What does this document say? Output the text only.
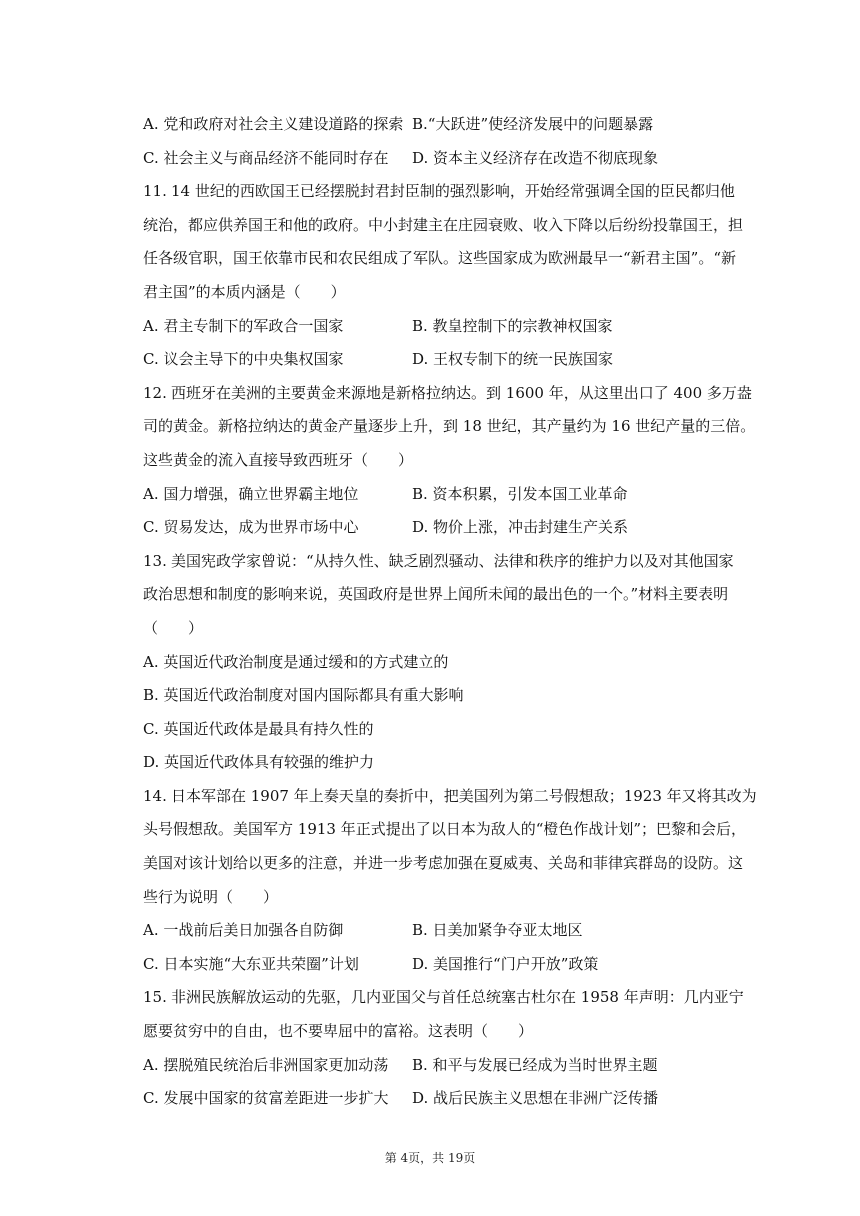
A. 党和政府对社会主义建设道路的探索 B.“大跃进”使经济发展中的问题暴露
C. 社会主义与商品经济不能同时存在	D. 资本主义经济存在改造不彻底现象
11. 14 世纪的西欧国王已经摆脱封君封臣制的强烈影响，开始经常强调全国的臣民都归他
统治，都应供养国王和他的政府。中小封建主在庄园衰败、收入下降以后纷纷投靠国王，担
任各级官职，国王依靠市民和农民组成了军队。这些国家成为欧洲最早一“新君主国”。“新
君主国”的本质内涵是（　　）
A. 君主专制下的军政合一国家	B. 教皇控制下的宗教神权国家
C. 议会主导下的中央集权国家	D. 王权专制下的统一民族国家
12. 西班牙在美洲的主要黄金来源地是新格拉纳达。到 1600 年，从这里出口了 400 多万盎
司的黄金。新格拉纳达的黄金产量逐步上升，到 18 世纪，其产量约为 16 世纪产量的三倍。
这些黄金的流入直接导致西班牙（　　）
A. 国力增强，确立世界霸主地位	B. 资本积累，引发本国工业革命
C. 贸易发达，成为世界市场中心	D. 物价上涨，冲击封建生产关系
13. 美国宪政学家曾说：“从持久性、缺乏剧烈骚动、法律和秩序的维护力以及对其他国家
政治思想和制度的影响来说，英国政府是世界上闻所未闻的最出色的一个。”材料主要表明
（　　）
A. 英国近代政治制度是通过缓和的方式建立的
B. 英国近代政治制度对国内国际都具有重大影响
C. 英国近代政体是最具有持久性的
D. 英国近代政体具有较强的维护力
14. 日本军部在 1907 年上奏天皇的奏折中，把美国列为第二号假想敌；1923 年又将其改为
头号假想敌。美国军方 1913 年正式提出了以日本为敌人的“橙色作战计划”；巴黎和会后，
美国对该计划给以更多的注意，并进一步考虑加强在夏威夷、关岛和菲律宾群岛的设防。这
些行为说明（　　）
A. 一战前后美日加强各自防御	B. 日美加紧争夺亚太地区
C. 日本实施“大东亚共荣圈”计划	D. 美国推行“门户开放”政策
15. 非洲民族解放运动的先驱，几内亚国父与首任总统塞古杜尔在 1958 年声明：几内亚宁
愿要贫穷中的自由，也不要卑屈中的富裕。这表明（　　）
A. 摆脱殖民统治后非洲国家更加动荡	B. 和平与发展已经成为当时世界主题
C. 发展中国家的贫富差距进一步扩大	D. 战后民族主义思想在非洲广泛传播
第 4页，共 19页
